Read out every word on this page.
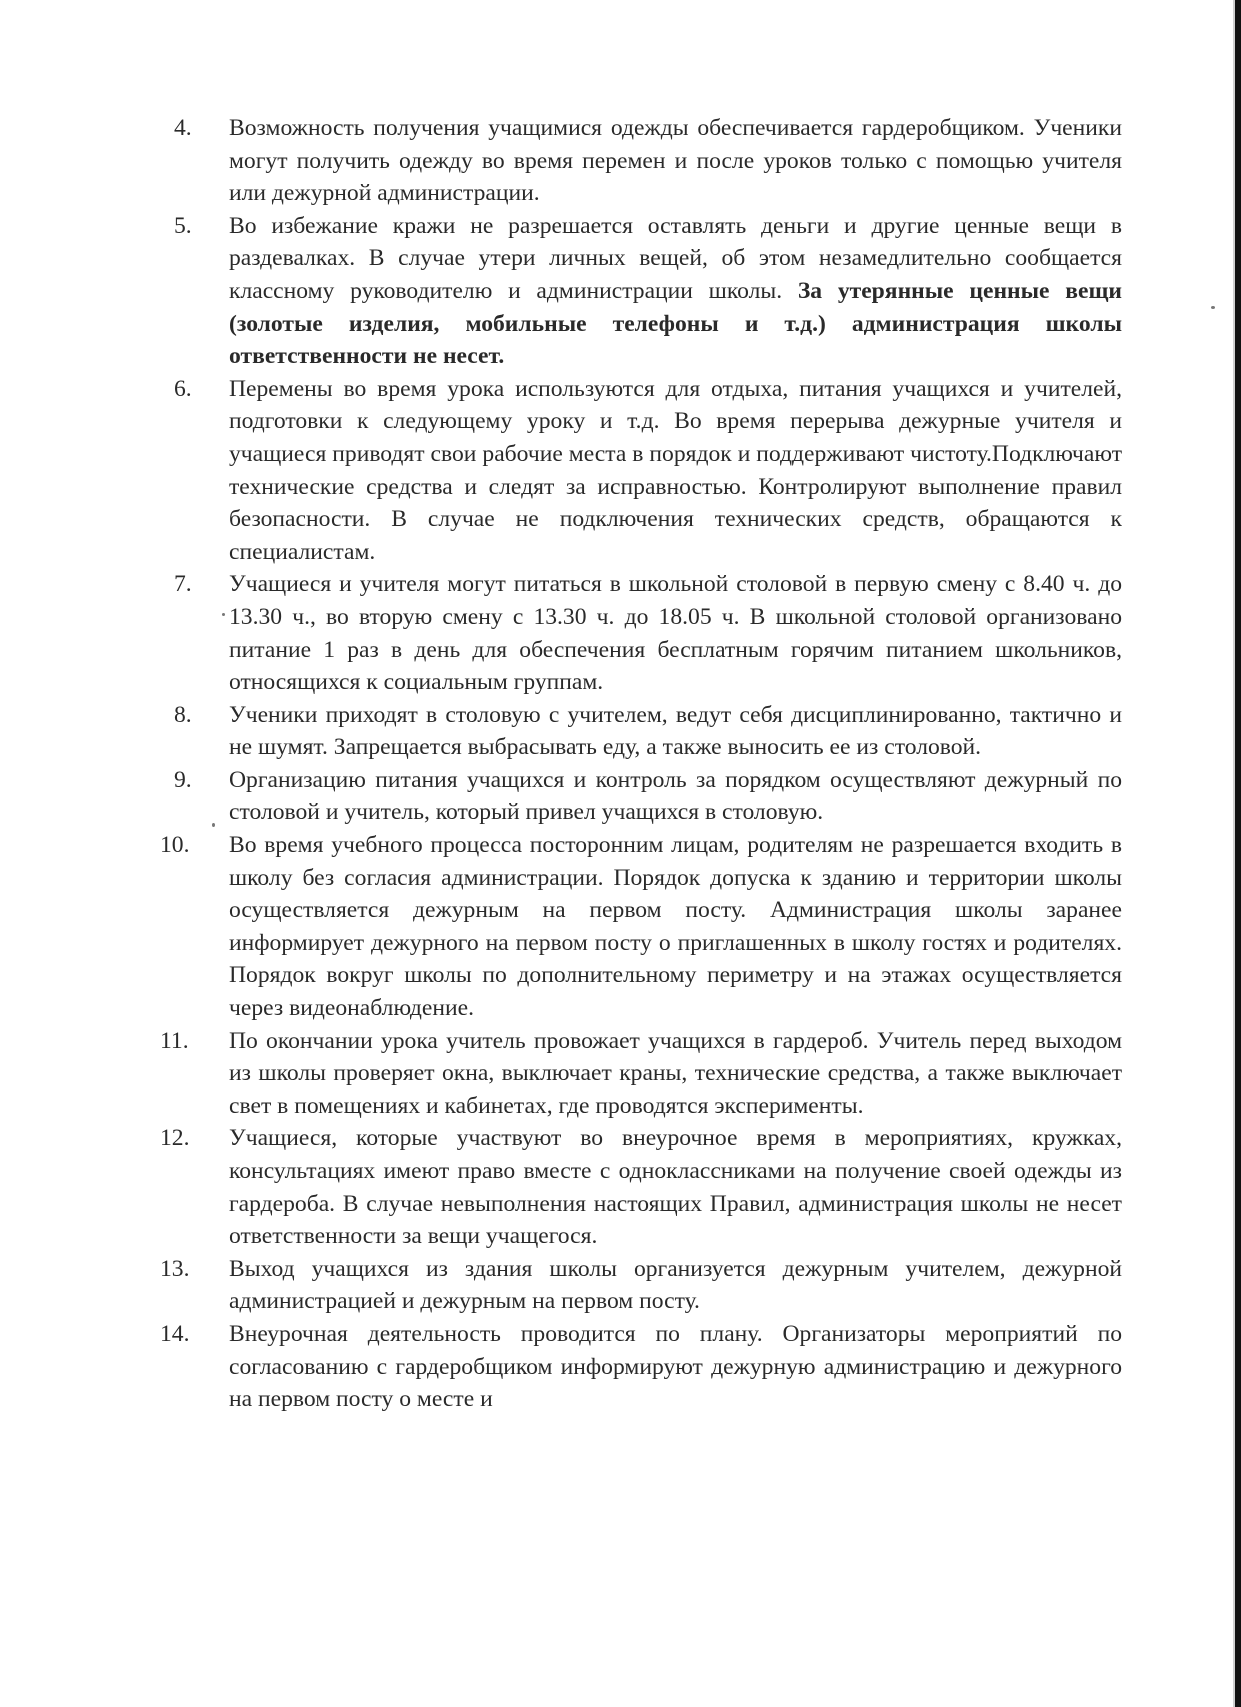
4.	Возможность получения учащимися одежды обеспечивается гардеробщиком. Ученики могут получить одежду во время перемен и после уроков только с помощью учителя или дежурной администрации.
5.	Во избежание кражи не разрешается оставлять деньги и другие ценные вещи в раздевалках. В случае утери личных вещей, об этом незамедлительно сообщается классному руководителю и администрации школы. За утерянные ценные вещи (золотые изделия, мобильные телефоны и т.д.) администрация школы ответственности не несет.
6.	Перемены во время урока используются для отдыха, питания учащихся и учителей, подготовки к следующему уроку и т.д. Во время перерыва дежурные учителя и учащиеся приводят свои рабочие места в порядок и поддерживают чистоту.Подключают технические средства и следят за исправностью. Контролируют выполнение правил безопасности. В случае не подключения технических средств, обращаются к специалистам.
7.	Учащиеся и учителя могут питаться в школьной столовой в первую смену с 8.40 ч. до 13.30 ч., во вторую смену с 13.30 ч. до 18.05 ч. В школьной столовой организовано питание 1 раз в день для обеспечения бесплатным горячим питанием школьников, относящихся к социальным группам.
8.	Ученики приходят в столовую с учителем, ведут себя дисциплинированно, тактично и не шумят. Запрещается выбрасывать еду, а также выносить ее из столовой.
9.	Организацию питания учащихся и контроль за порядком осуществляют дежурный по столовой и учитель, который привел учащихся в столовую.
10.	Во время учебного процесса посторонним лицам, родителям не разрешается входить в школу без согласия администрации. Порядок допуска к зданию и территории школы осуществляется дежурным на первом посту. Администрация школы заранее информирует дежурного на первом посту о приглашенных в школу гостях и родителях. Порядок вокруг школы по дополнительному периметру и на этажах осуществляется через видеонаблюдение.
11.	По окончании урока учитель провожает учащихся в гардероб. Учитель перед выходом из школы проверяет окна, выключает краны, технические средства, а также выключает свет в помещениях и кабинетах, где проводятся эксперименты.
12.	Учащиеся, которые участвуют во внеурочное время в мероприятиях, кружках, консультациях имеют право вместе с одноклассниками на получение своей одежды из гардероба. В случае невыполнения настоящих Правил, администрация школы не несет ответственности за вещи учащегося.
13.	Выход учащихся из здания школы организуется дежурным учителем, дежурной администрацией и дежурным на первом посту.
14.	Внеурочная деятельность проводится по плану. Организаторы мероприятий по согласованию с гардеробщиком информируют дежурную администрацию и дежурного на первом посту о месте и
